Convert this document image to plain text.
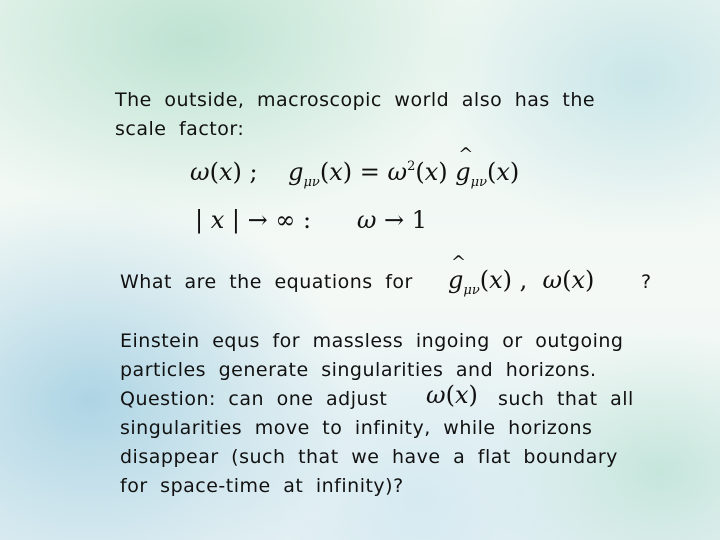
The outside, macroscopic world also has the
scale factor:
ω(x) ;    $g_{\mu\nu}(x) = \omega^2(x)$ ^ $g_{\mu\nu}(x)$
| x | → ∞ :      ω → 1
What are the equations for
^ $g_{\mu\nu}(x)$ ,  ω(x) ?
Einstein equs for massless ingoing or outgoing
particles generate singularities and horizons.
Question: can one adjust ω(x) such that all
singularities move to infinity, while horizons
disappear (such that we have a flat boundary
for space-time at infinity)?
